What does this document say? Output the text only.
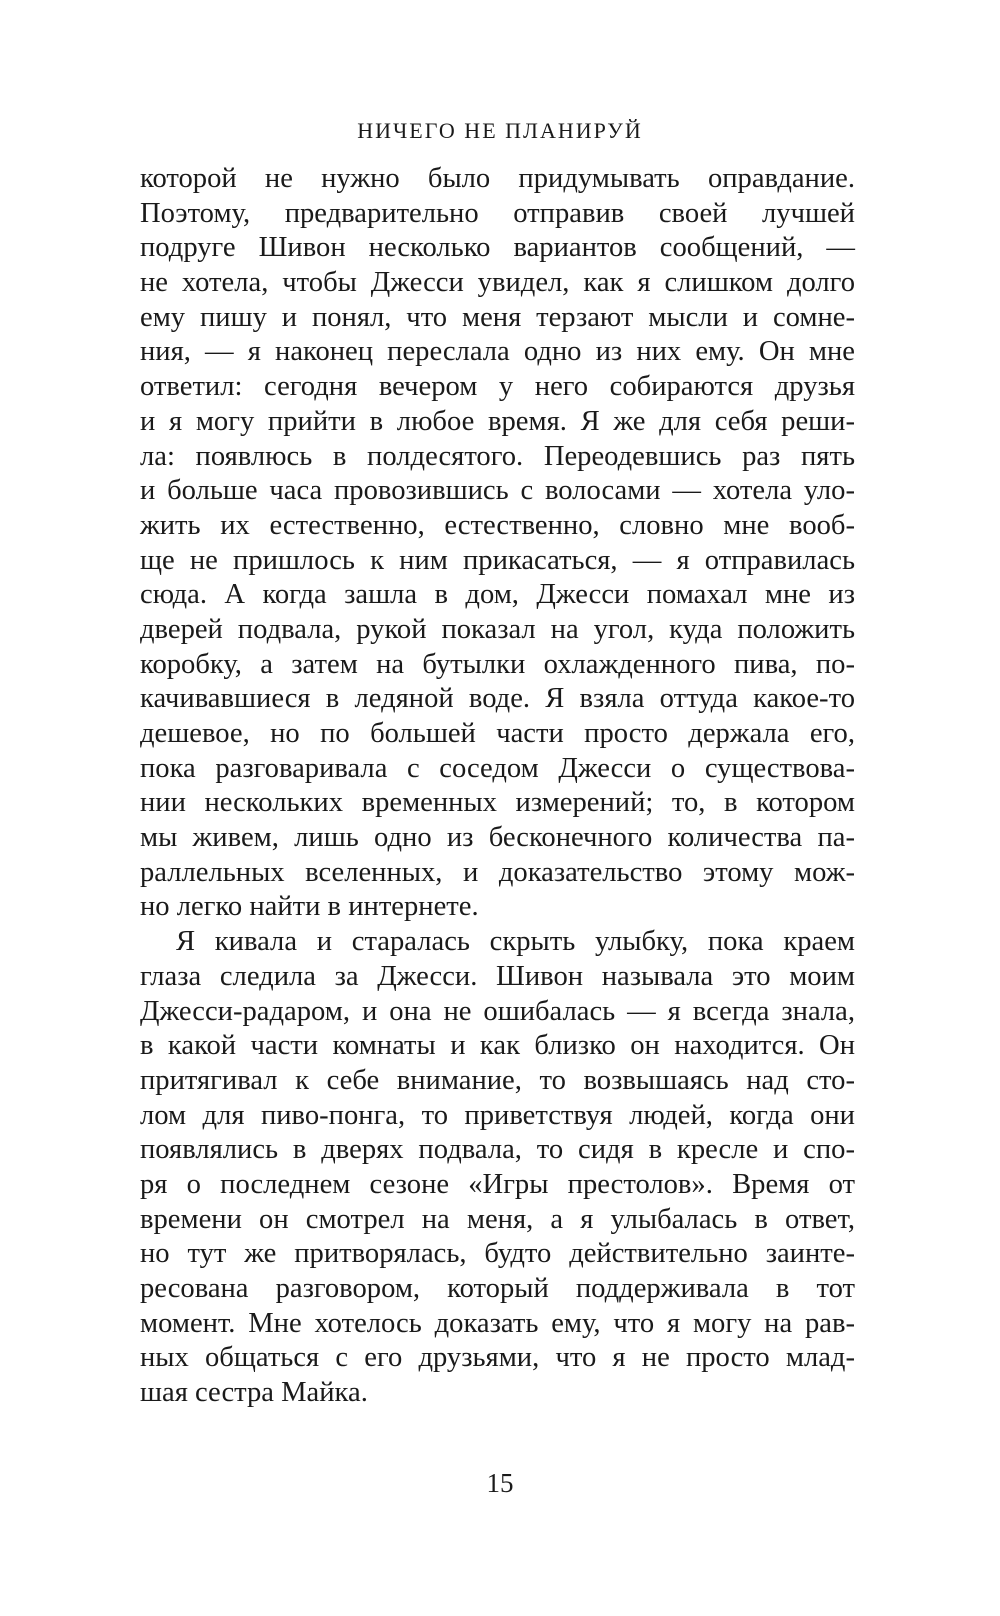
НИЧЕГО НЕ ПЛАНИРУЙ
которой не нужно было придумывать оправдание.
Поэтому, предварительно отправив своей лучшей
подруге Шивон несколько вариантов сообщений, —
не хотела, чтобы Джесси увидел, как я слишком долго
ему пишу и понял, что меня терзают мысли и сомне-
ния, — я наконец переслала одно из них ему. Он мне
ответил: сегодня вечером у него собираются друзья
и я могу прийти в любое время. Я же для себя реши-
ла: появлюсь в полдесятого. Переодевшись раз пять
и больше часа провозившись с волосами — хотела уло-
жить их естественно, естественно, словно мне вооб-
ще не пришлось к ним прикасаться, — я отправилась
сюда. А когда зашла в дом, Джесси помахал мне из
дверей подвала, рукой показал на угол, куда положить
коробку, а затем на бутылки охлажденного пива, по-
качивавшиеся в ледяной воде. Я взяла оттуда какое-то
дешевое, но по большей части просто держала его,
пока разговаривала с соседом Джесси о существова-
нии нескольких временных измерений; то, в котором
мы живем, лишь одно из бесконечного количества па-
раллельных вселенных, и доказательство этому мож-
но легко найти в интернете.
Я кивала и старалась скрыть улыбку, пока краем
глаза следила за Джесси. Шивон называла это моим
Джесси-радаром, и она не ошибалась — я всегда знала,
в какой части комнаты и как близко он находится. Он
притягивал к себе внимание, то возвышаясь над сто-
лом для пиво-понга, то приветствуя людей, когда они
появлялись в дверях подвала, то сидя в кресле и спо-
ря о последнем сезоне «Игры престолов». Время от
времени он смотрел на меня, а я улыбалась в ответ,
но тут же притворялась, будто действительно заинте-
ресована разговором, который поддерживала в тот
момент. Мне хотелось доказать ему, что я могу на рав-
ных общаться с его друзьями, что я не просто млад-
шая сестра Майка.
15
